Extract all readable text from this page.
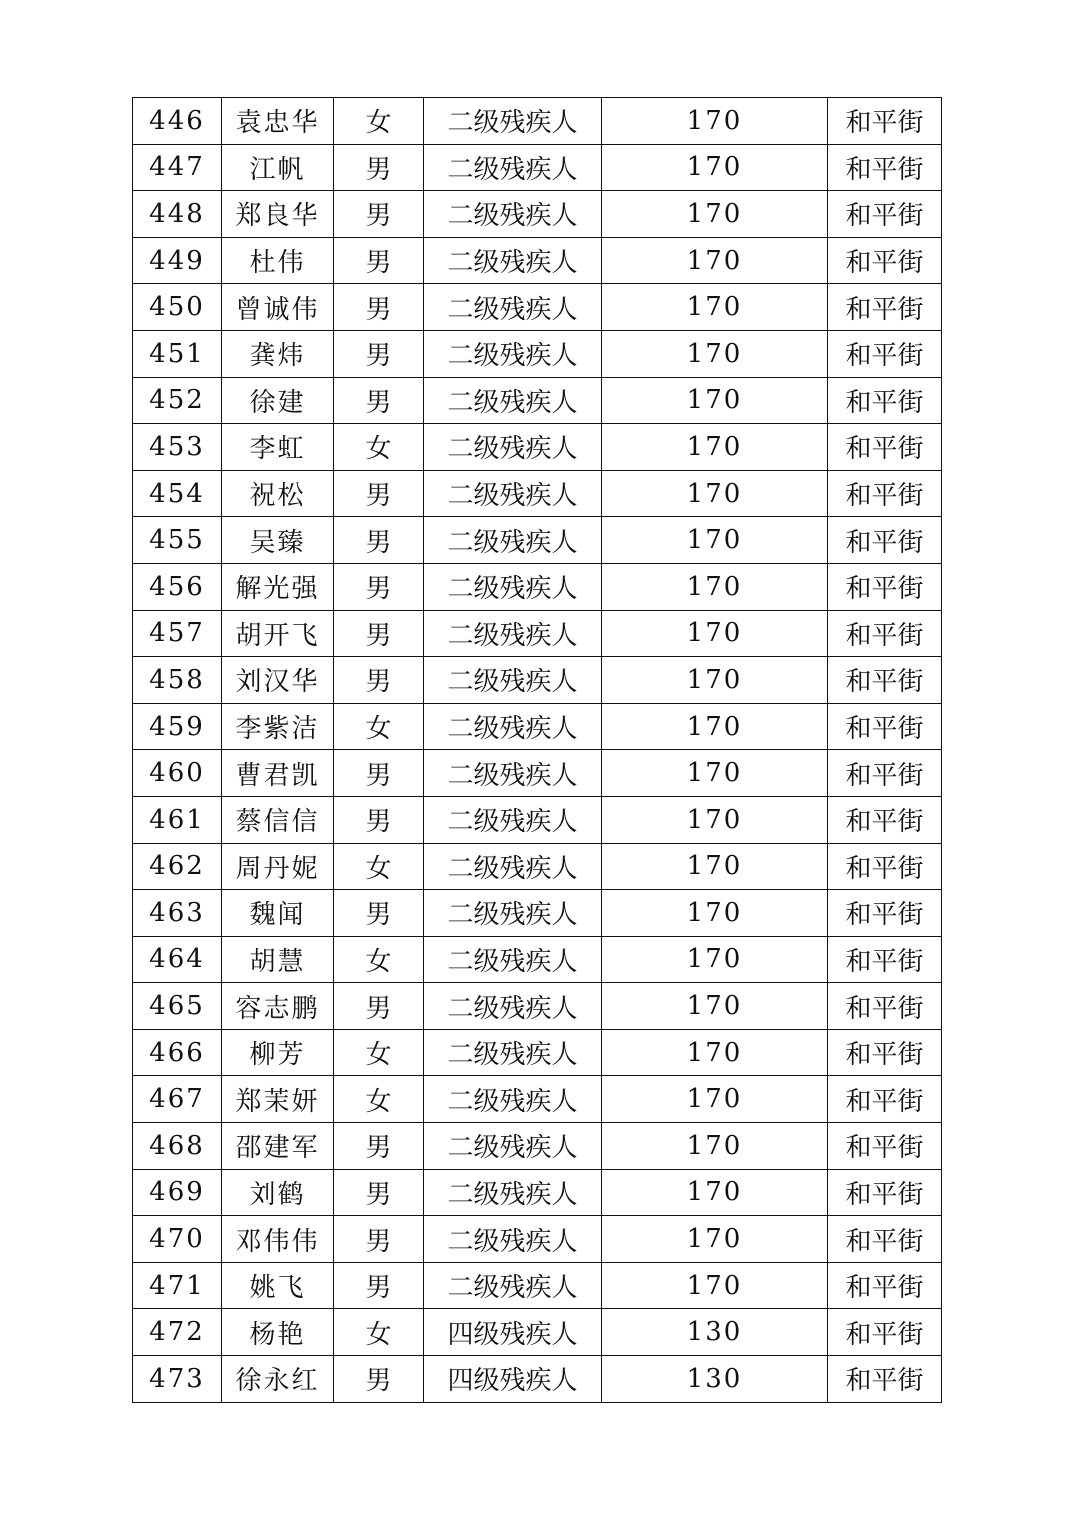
446	袁忠华	女	二级残疾人	170	和平街
447	江帆	男	二级残疾人	170	和平街
448	郑良华	男	二级残疾人	170	和平街
449	杜伟	男	二级残疾人	170	和平街
450	曾诚伟	男	二级残疾人	170	和平街
451	龚炜	男	二级残疾人	170	和平街
452	徐建	男	二级残疾人	170	和平街
453	李虹	女	二级残疾人	170	和平街
454	祝松	男	二级残疾人	170	和平街
455	吴臻	男	二级残疾人	170	和平街
456	解光强	男	二级残疾人	170	和平街
457	胡开飞	男	二级残疾人	170	和平街
458	刘汉华	男	二级残疾人	170	和平街
459	李紫洁	女	二级残疾人	170	和平街
460	曹君凯	男	二级残疾人	170	和平街
461	蔡信信	男	二级残疾人	170	和平街
462	周丹妮	女	二级残疾人	170	和平街
463	魏闻	男	二级残疾人	170	和平街
464	胡慧	女	二级残疾人	170	和平街
465	容志鹏	男	二级残疾人	170	和平街
466	柳芳	女	二级残疾人	170	和平街
467	郑茉妍	女	二级残疾人	170	和平街
468	邵建军	男	二级残疾人	170	和平街
469	刘鹤	男	二级残疾人	170	和平街
470	邓伟伟	男	二级残疾人	170	和平街
471	姚飞	男	二级残疾人	170	和平街
472	杨艳	女	四级残疾人	130	和平街
473	徐永红	男	四级残疾人	130	和平街
